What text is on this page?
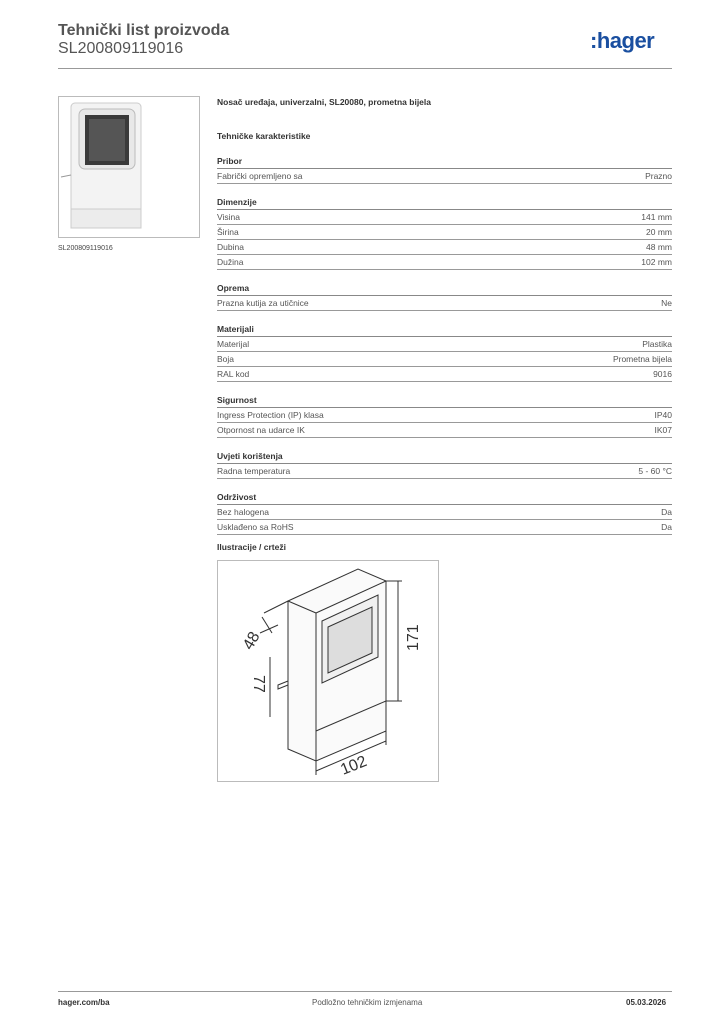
Tehnički list proizvoda
SL200809119016	:hager
SL200809119016
Nosač uređaja, univerzalni, SL20080, prometna bijela
Tehničke karakteristike
Pribor
Fabrički opremljeno sa	Prazno
Dimenzije
Visina	141 mm
Širina	20 mm
Dubina	48 mm
Dužina	102 mm
Oprema
Prazna kutija za utičnice	Ne
Materijali
Materijal	Plastika
Boja	Prometna bijela
RAL kod	9016
Sigurnost
Ingress Protection (IP) klasa	IP40
Otpornost na udarce IK	IK07
Uvjeti korištenja
Radna temperatura	5 - 60 °C
Održivost
Bez halogena	Da
Usklađeno sa RoHS	Da
Ilustracije / crteži
48	171
77
102
hager.com/ba	Podložno tehničkim izmjenama	05.03.2026
